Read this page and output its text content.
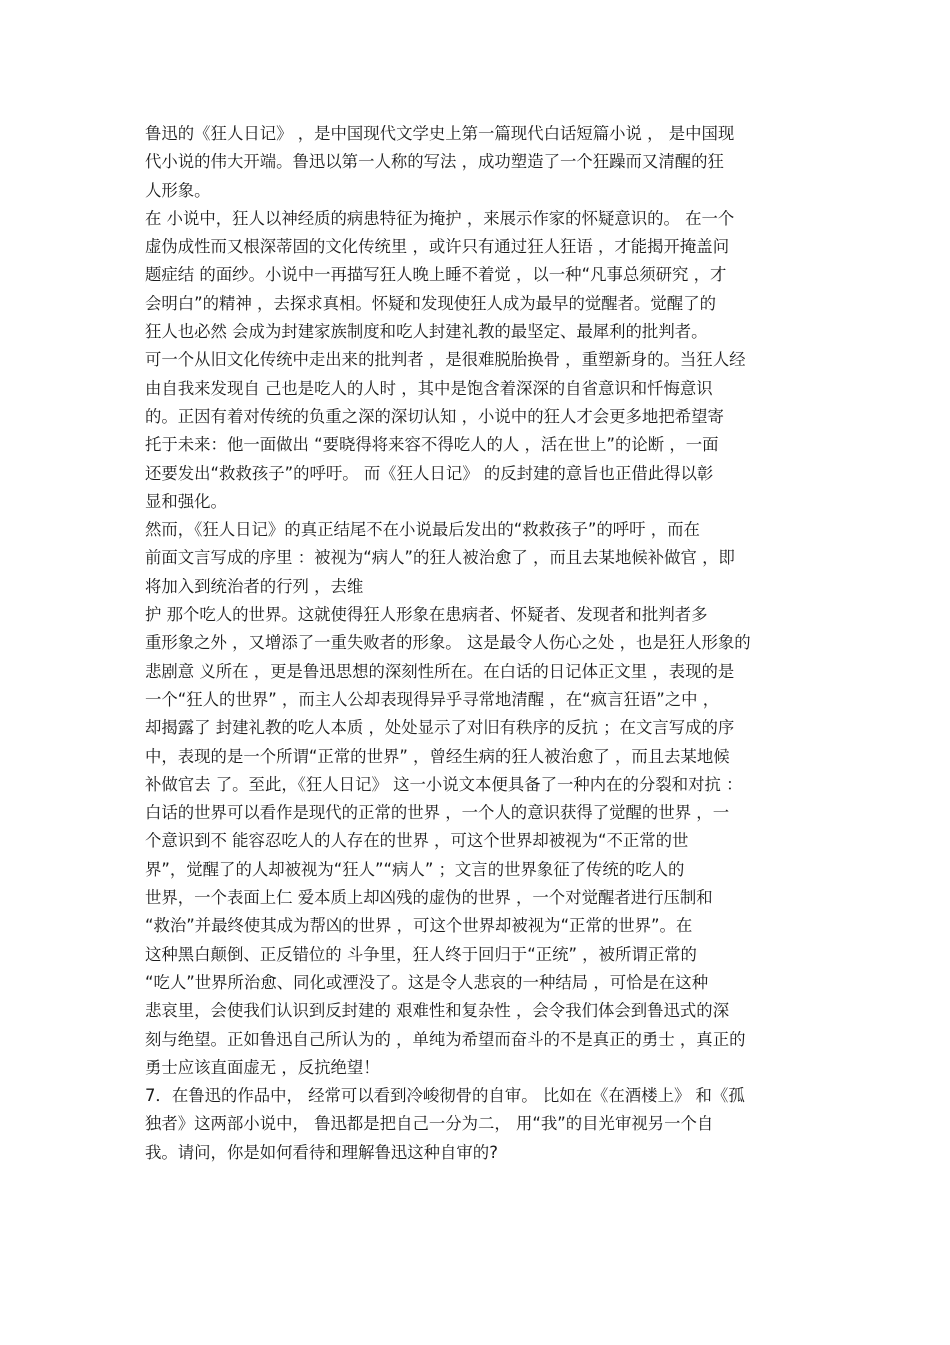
鲁迅的《狂人日记》 ，是中国现代文学史上第一篇现代白话短篇小说 ， 是中国现
代小说的伟大开端。鲁迅以第一人称的写法 ，成功塑造了一个狂躁而又清醒的狂
人形象。
在 小说中，狂人以神经质的病患特征为掩护 ，来展示作家的怀疑意识的。 在一个
虚伪成性而又根深蒂固的文化传统里 ，或许只有通过狂人狂语 ，才能揭开掩盖问
题症结 的面纱。小说中一再描写狂人晚上睡不着觉 ，以一种“凡事总须研究 ，才
会明白”的精神 ，去探求真相。怀疑和发现使狂人成为最早的觉醒者。觉醒了的
狂人也必然 会成为封建家族制度和吃人封建礼教的最坚定、最犀利的批判者。
可一个从旧文化传统中走出来的批判者 ，是很难脱胎换骨 ，重塑新身的。当狂人经
由自我来发现自 己也是吃人的人时 ，其中是饱含着深深的自省意识和忏悔意识
的。正因有着对传统的负重之深的深切认知 ，小说中的狂人才会更多地把希望寄
托于未来：他一面做出 “要晓得将来容不得吃人的人 ，活在世上”的论断 ，一面
还要发出“救救孩子”的呼吁。 而《狂人日记》 的反封建的意旨也正借此得以彰
显和强化。
然而，《狂人日记》的真正结尾不在小说最后发出的“救救孩子”的呼吁 ，而在
前面文言写成的序里 ：被视为“病人”的狂人被治愈了 ，而且去某地候补做官 ，即
将加入到统治者的行列 ，去维
护 那个吃人的世界。这就使得狂人形象在患病者、怀疑者、发现者和批判者多
重形象之外 ，又增添了一重失败者的形象。 这是最令人伤心之处 ，也是狂人形象的
悲剧意 义所在 ，更是鲁迅思想的深刻性所在。在白话的日记体正文里 ，表现的是
一个“狂人的世界” ，而主人公却表现得异乎寻常地清醒 ，在“疯言狂语”之中 ，
却揭露了 封建礼教的吃人本质 ，处处显示了对旧有秩序的反抗 ；在文言写成的序
中，表现的是一个所谓“正常的世界” ，曾经生病的狂人被治愈了 ，而且去某地候
补做官去 了。至此，《狂人日记》 这一小说文本便具备了一种内在的分裂和对抗 ：
白话的世界可以看作是现代的正常的世界 ，一个人的意识获得了觉醒的世界 ，一
个意识到不 能容忍吃人的人存在的世界 ，可这个世界却被视为“不正常的世
界”，觉醒了的人却被视为“狂人”“病人” ；文言的世界象征了传统的吃人的
世界，一个表面上仁 爱本质上却凶残的虚伪的世界 ，一个对觉醒者进行压制和
“救治”并最终使其成为帮凶的世界 ，可这个世界却被视为“正常的世界”。在
这种黑白颠倒、正反错位的 斗争里，狂人终于回归于“正统” ，被所谓正常的
“吃人”世界所治愈、同化或湮没了。这是令人悲哀的一种结局 ，可恰是在这种
悲哀里，会使我们认识到反封建的 艰难性和复杂性 ，会令我们体会到鲁迅式的深
刻与绝望。正如鲁迅自己所认为的 ，单纯为希望而奋斗的不是真正的勇士 ，真正的
勇士应该直面虚无 ，反抗绝望！
7．在鲁迅的作品中， 经常可以看到冷峻彻骨的自审。 比如在《在酒楼上》 和《孤
独者》这两部小说中， 鲁迅都是把自己一分为二， 用“我”的目光审视另一个自
我。请问，你是如何看待和理解鲁迅这种自审的?
